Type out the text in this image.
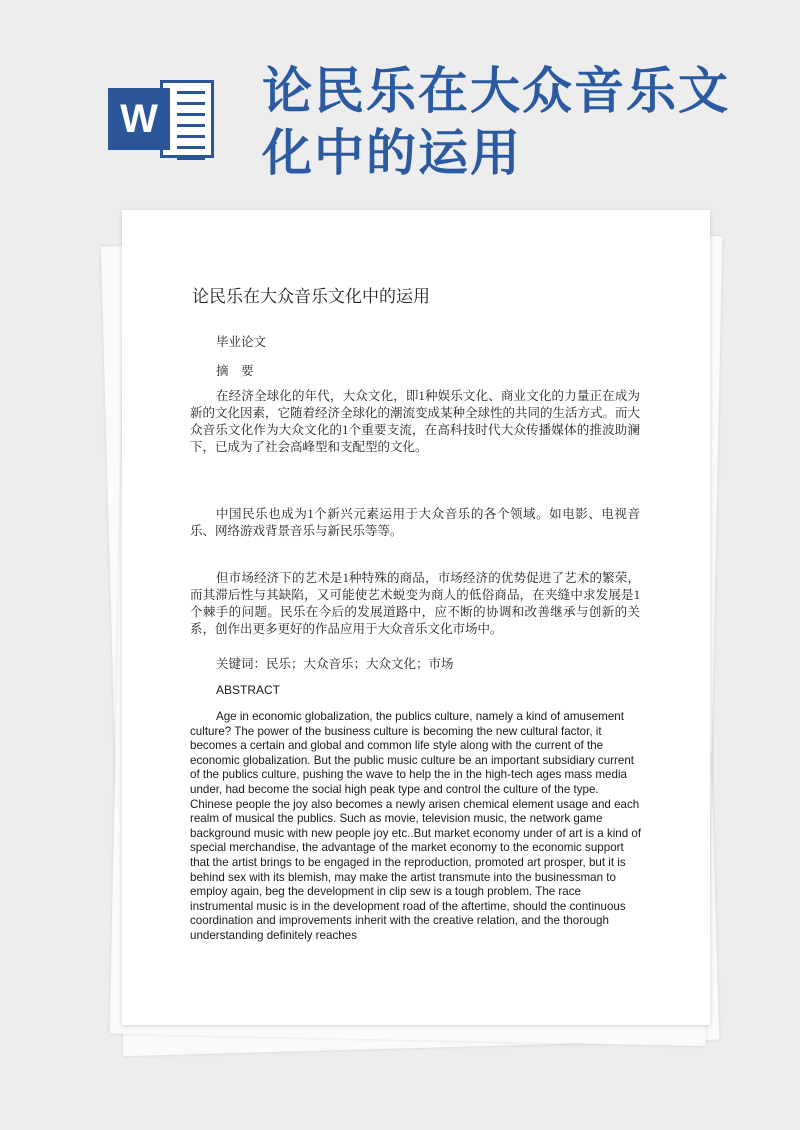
W 论民乐在大众音乐文化中的运用
论民乐在大众音乐文化中的运用

毕业论文

摘　要

在经济全球化的年代，大众文化，即1种娱乐文化、商业文化的力量正在成为新的文化因素，它随着经济全球化的潮流变成某种全球性的共同的生活方式。而大众音乐文化作为大众文化的1个重要支流，在高科技时代大众传播媒体的推波助澜下，已成为了社会高峰型和支配型的文化。

中国民乐也成为1个新兴元素运用于大众音乐的各个领域。如电影、电视音乐、网络游戏背景音乐与新民乐等等。

但市场经济下的艺术是1种特殊的商品，市场经济的优势促进了艺术的繁荣，而其滞后性与其缺陷，又可能使艺术蜕变为商人的低俗商品，在夹缝中求发展是1个棘手的问题。民乐在今后的发展道路中，应不断的协调和改善继承与创新的关系，创作出更多更好的作品应用于大众音乐文化市场中。

关键词：民乐；大众音乐；大众文化；市场

ABSTRACT

Age in economic globalization, the publics culture, namely a kind of amusement culture? The power of the business culture is becoming the new cultural factor, it becomes a certain and global and common life style along with the current of the economic globalization. But the public music culture be an important subsidiary current of the publics culture, pushing the wave to help the in the high-tech ages mass media under, had become the social high peak type and control the culture of the type. Chinese people the joy also becomes a newly arisen chemical element usage and each realm of musical the publics. Such as movie, television music, the network game background music with new people joy etc..But market economy under of art is a kind of special merchandise, the advantage of the market economy to the economic support that the artist brings to be engaged in the reproduction, promoted art prosper, but it is behind sex with its blemish, may make the artist transmute into the businessman to employ again, beg the development in clip sew is a tough problem. The race instrumental music is in the development road of the aftertime, should the continuous coordination and improvements inherit with the creative relation, and the thorough understanding definitely reaches
